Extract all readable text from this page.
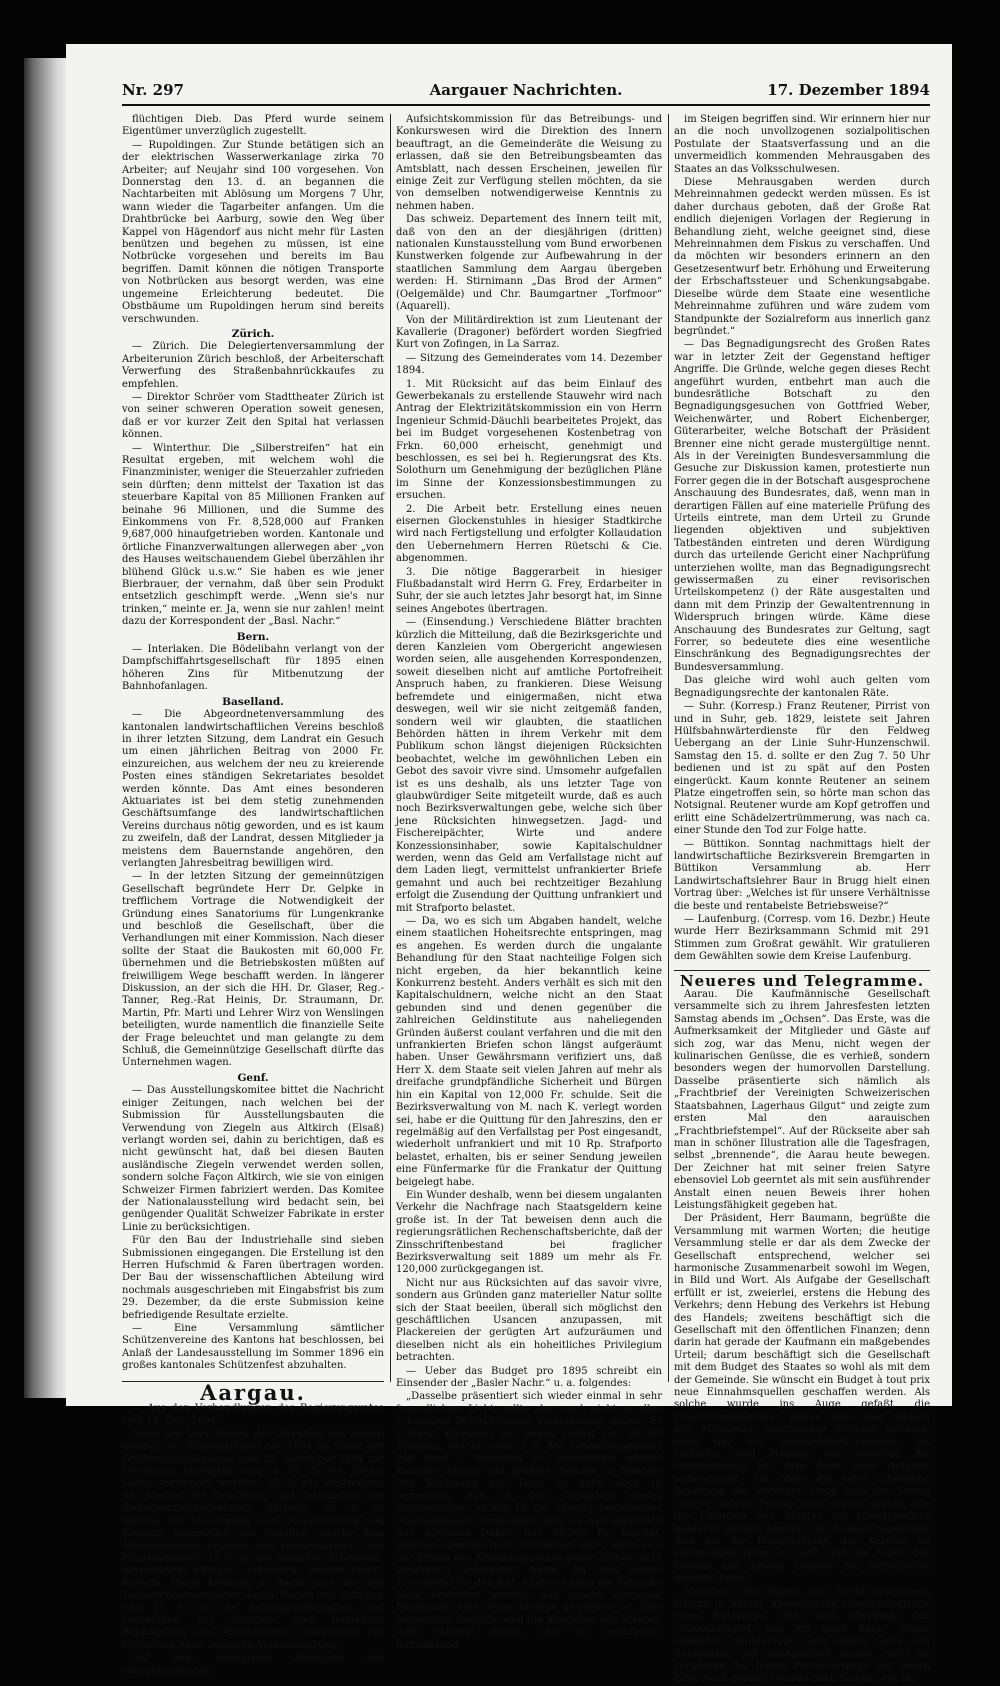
Nr. 297	Aargauer Nachrichten.	17. Dezember 1894

flüchtigen Dieb. Das Pferd wurde seinem Eigentümer unverzüglich zugestellt.

— Rupoldingen. Zur Stunde betätigen sich an der elektrischen Wasserwerkanlage zirka 70 Arbeiter; auf Neujahr sind 100 vorgesehen. Von Donnerstag den 13. d. an begannen die Nachtarbeiten mit Ablösung um Morgens 7 Uhr, wann wieder die Tagarbeiter anfangen. Um die Drahtbrücke bei Aarburg, sowie den Weg über Kappel von Hägendorf aus nicht mehr für Lasten benützen und begehen zu müssen, ist eine Notbrücke vorgesehen und bereits im Bau begriffen. Damit können die nötigen Transporte von Notbrücken aus besorgt werden, was eine ungemeine Erleichterung bedeutet. Die Obstbäume um Rupoldingen herum sind bereits verschwunden.

Zürich.

— Zürich. Die Delegiertenversammlung der Arbeiterunion Zürich beschloß, der Arbeiterschaft Verwerfung des Straßenbahnrückkaufes zu empfehlen.

— Direktor Schröer vom Stadttheater Zürich ist von seiner schweren Operation soweit genesen, daß er vor kurzer Zeit den Spital hat verlassen können.

— Winterthur. Die „Silberstreifen“ hat ein Resultat ergeben, mit welchem wohl die Finanzminister, weniger die Steuerzahler zufrieden sein dürften; denn mittelst der Taxation ist das steuerbare Kapital von 85 Millionen Franken auf beinahe 96 Millionen, und die Summe des Einkommens von Fr. 8,528,000 auf Franken 9,687,000 hinaufgetrieben worden. Kantonale und örtliche Finanzverwaltungen allerwegen aber „von des Hauses weitschauendem Giebel überzählen ihr blühend Glück u.s.w.“ Sie haben es wie jener Bierbrauer, der vernahm, daß über sein Produkt entsetzlich geschimpft werde. „Wenn sie's nur trinken,“ meinte er. Ja, wenn sie nur zahlen! meint dazu der Korrespondent der „Basl. Nachr.“

Bern.

— Interlaken. Die Bödelibahn verlangt von der Dampfschiffahrtsgesellschaft für 1895 einen höheren Zins für Mitbenutzung der Bahnhofanlagen.

Baselland.

— Die Abgeordnetenversammlung des kantonalen landwirtschaftlichen Vereins beschloß in ihrer letzten Sitzung, dem Landrat ein Gesuch um einen jährlichen Beitrag von 2000 Fr. einzureichen, aus welchem der neu zu kreierende Posten eines ständigen Sekretariates besoldet werden könnte. Das Amt eines besonderen Aktuariates ist bei dem stetig zunehmenden Geschäftsumfange des landwirtschaftlichen Vereins durchaus nötig geworden, und es ist kaum zu zweifeln, daß der Landrat, dessen Mitglieder ja meistens dem Bauernstande angehören, den verlangten Jahresbeitrag bewilligen wird.

— In der letzten Sitzung der gemeinnützigen Gesellschaft begründete Herr Dr. Gelpke in trefflichem Vortrage die Notwendigkeit der Gründung eines Sanatoriums für Lungenkranke und beschloß die Gesellschaft, über die Verhandlungen mit einer Kommission. Nach dieser sollte der Staat die Baukosten mit 60,000 Fr. übernehmen und die Betriebskosten müßten auf freiwilligem Wege beschafft werden. In längerer Diskussion, an der sich die HH. Dr. Glaser, Reg.-Tanner, Reg.-Rat Heinis, Dr. Straumann, Dr. Martin, Pfr. Marti und Lehrer Wirz von Wenslingen beteiligten, wurde namentlich die finanzielle Seite der Frage beleuchtet und man gelangte zu dem Schluß, die Gemeinnützige Gesellschaft dürfte das Unternehmen wagen.

Genf.

— Das Ausstellungskomitee bittet die Nachricht einiger Zeitungen, nach welchen bei der Submission für Ausstellungsbauten die Verwendung von Ziegeln aus Altkirch (Elsaß) verlangt worden sei, dahin zu berichtigen, daß es nicht gewünscht hat, daß bei diesen Bauten ausländische Ziegeln verwendet werden sollen, sondern solche Façon Altkirch, wie sie von einigen Schweizer Firmen fabriziert werden. Das Komitee der Nationalausstellung wird bedacht sein, bei genügender Qualität Schweizer Fabrikate in erster Linie zu berücksichtigen.

Für den Bau der Industriehalle sind sieben Submissionen eingegangen. Die Erstellung ist den Herren Hufschmid & Faren übertragen worden. Der Bau der wissenschaftlichen Abteilung wird nochmals ausgeschrieben mit Eingabsfrist bis zum 29. Dezember, da die erste Submission keine befriedigende Resultate erzielte.

— Eine Versammlung sämtlicher Schützenvereine des Kantons hat beschlossen, bei Anlaß der Landesausstellung im Sommer 1896 ein großes kantonales Schützenfest abzuhalten.

Aargau.

— Aus den Verhandlungen des Regierungsrates vom 14. Dez. 1894.

Nach den Vorschlägen der Direktion des Innern gelangt der Alkoholzehntel pro 1894 im Sinne der Großratsschlußnahme vom 23. November 1891 zur Verteilung. Verfügbar sind ca. Fr. 25,000. Davon sollen verwendet werden: 50 % zur Bestreitung der Kosten der Errichtung und Installation der Zwangserziehungsanstalt Aarburg; 20 % an Vereine zur Versorgung und Unterstützung von Kindern, namentlich aus Familien, welche dem Alkoholgenusse ergeben sind (Bezirksarmen- und Frauenvereine); 15 % an die Anstalten Biberstein, Bremgarten, Effingen, Friedberg, Hermetschwyl, Kasteln, Maria Krönung in Baden und die drei Taubstummenanstalten Aarau, Baden und Zofingen und 15 % an die Kulturgesellschaften und Gemeinden zur direkten oder indirekten Bekämpfung des Alkoholismus, namentlich zur Förderung einer besseren Volksernährung.

Auf eine bezügliche Anregung der obergerichtlichen

Aufsichtskommission für das Betreibungs- und Konkurswesen wird die Direktion des Innern beauftragt, an die Gemeinderäte die Weisung zu erlassen, daß sie den Betreibungsbeamten das Amtsblatt, nach dessen Erscheinen, jeweilen für einige Zeit zur Verfügung stellen möchten, da sie von demselben notwendigerweise Kenntnis zu nehmen haben.

Das schweiz. Departement des Innern teilt mit, daß von den an der diesjährigen (dritten) nationalen Kunstausstellung vom Bund erworbenen Kunstwerken folgende zur Aufbewahrung in der staatlichen Sammlung dem Aargau übergeben werden: H. Stirnimann „Das Brod der Armen“ (Oelgemälde) und Chr. Baumgartner „Torfmoor“ (Aquarell).

Von der Militärdirektion ist zum Lieutenant der Kavallerie (Dragoner) befördert worden Siegfried Kurt von Zofingen, in La Sarraz.

— Sitzung des Gemeinderates vom 14. Dezember 1894.

1. Mit Rücksicht auf das beim Einlauf des Gewerbekanals zu erstellende Stauwehr wird nach Antrag der Elektrizitätskommission ein von Herrn Ingenieur Schmid-Däuchli bearbeitetes Projekt, das bei im Budget vorgesehenen Kostenbetrag von Frkn. 60,000 erheischt, genehmigt und beschlossen, es sei bei h. Regierungsrat des Kts. Solothurn um Genehmigung der bezüglichen Pläne im Sinne der Konzessionsbestimmungen zu ersuchen.

2. Die Arbeit betr. Erstellung eines neuen eisernen Glockenstuhles in hiesiger Stadtkirche wird nach Fertigstellung und erfolgter Kollaudation den Uebernehmern Herren Rüetschi & Cie. abgenommen.

3. Die nötige Baggerarbeit in hiesiger Flußbadanstalt wird Herrn G. Frey, Erdarbeiter in Suhr, der sie auch letztes Jahr besorgt hat, im Sinne seines Angebotes übertragen.

— (Einsendung.) Verschiedene Blätter brachten kürzlich die Mitteilung, daß die Bezirksgerichte und deren Kanzleien vom Obergericht angewiesen worden seien, alle ausgehenden Korrespondenzen, soweit dieselben nicht auf amtliche Portofreiheit Anspruch haben, zu frankieren. Diese Weisung befremdete und einigermaßen, nicht etwa deswegen, weil wir sie nicht zeitgemäß fanden, sondern weil wir glaubten, die staatlichen Behörden hätten in ihrem Verkehr mit dem Publikum schon längst diejenigen Rücksichten beobachtet, welche im gewöhnlichen Leben ein Gebot des savoir vivre sind. Umsomehr aufgefallen ist es uns deshalb, als uns letzter Tage von glaubwürdiger Seite mitgeteilt wurde, daß es auch noch Bezirksverwaltungen gebe, welche sich über jene Rücksichten hinwegsetzen. Jagd- und Fischereipächter, Wirte und andere Konzessionsinhaber, sowie Kapitalschuldner werden, wenn das Geld am Verfallstage nicht auf dem Laden liegt, vermittelst unfrankierter Briefe gemahnt und auch bei rechtzeitiger Bezahlung erfolgt die Zusendung der Quittung unfrankiert und mit Strafporto belastet.

— Da, wo es sich um Abgaben handelt, welche einem staatlichen Hoheitsrechte entspringen, mag es angehen. Es werden durch die ungalante Behandlung für den Staat nachteilige Folgen sich nicht ergeben, da hier bekanntlich keine Konkurrenz besteht. Anders verhält es sich mit den Kapitalschuldnern, welche nicht an den Staat gebunden sind und denen gegenüber die zahlreichen Geldinstitute aus naheliegenden Gründen äußerst coulant verfahren und die mit den unfrankierten Briefen schon längst aufgeräumt haben. Unser Gewährsmann verifiziert uns, daß Herr X. dem Staate seit vielen Jahren auf mehr als dreifache grundpfändliche Sicherheit und Bürgen hin ein Kapital von 12,000 Fr. schulde. Seit die Bezirksverwaltung von M. nach K. verlegt worden sei, habe er die Quittung für den Jahreszins, den er regelmäßig auf den Verfallstag per Post eingesandt, wiederholt unfrankiert und mit 10 Rp. Strafporto belastet, erhalten, bis er seiner Sendung jeweilen eine Fünfermarke für die Frankatur der Quittung beigelegt habe.

Ein Wunder deshalb, wenn bei diesem ungalanten Verkehr die Nachfrage nach Staatsgeldern keine große ist. In der Tat beweisen denn auch die regierungsrätlichen Rechenschaftsberichte, daß der Zinsschriftenbestand bei fraglicher Bezirksverwaltung seit 1889 um mehr als Fr. 120,000 zurückgegangen ist.

Nicht nur aus Rücksichten auf das savoir vivre, sondern aus Gründen ganz materieller Natur sollte sich der Staat beeilen, überall sich möglichst den geschäftlichen Usancen anzupassen, mit Plackereien der gerügten Art aufzuräumen und dieselben nicht als ein hoheitliches Privilegium betrachten.

— Ueber das Budget pro 1895 schreibt ein Einsender der „Basler Nachr.“ u. a. folgendes:

„Dasselbe präsentiert sich wieder einmal in sehr freundlichem Licht, sollte aber auch nicht zu allzu schwarzen Befürchtungen Veranlassung geben. Es schließt allerdings mit einem Defizit von 90,000 Franken, welche etwa 3 % des Gesamtausgabens von rund 3 Millionen Fr. ausmachen; andere Kantone weisen viel größere Defizite in Budgets und Rechnung auf. Dazu ist dann noch zu bemerken, daß in den Ausgaben dieses Voranschlages 50,000 Fr. für Tilgung bestehender Staatsanleihen vorgesehen sind, so daß eigentlich das wirkliche Defizit nur 40,000 Fr. beträgt, welches ebenfalls nicht vorhanden wäre, wenn sich der Ertrag des Alkoholmonopols gegen früher nicht wesentlich vermindert hätte. Da sind einige Trostmittel für den Rat. Allein es kann die Tatsache nicht bestritten werden, daß unsere kantonale Finanzlage eine etwas knappe geworden ist. Dies namentlich deshalb, weil die Ausgaben des Staates, weit entfernt davon, sich zu reduzieren, fortwährend

im Steigen begriffen sind. Wir erinnern hier nur an die noch unvollzogenen sozialpolitischen Postulate der Staatsverfassung und an die unvermeidlich kommenden Mehrausgaben des Staates an das Volksschulwesen.

Diese Mehrausgaben werden durch Mehreinnahmen gedeckt werden müssen. Es ist daher durchaus geboten, daß der Große Rat endlich diejenigen Vorlagen der Regierung in Behandlung zieht, welche geeignet sind, diese Mehreinnahmen dem Fiskus zu verschaffen. Und da möchten wir besonders erinnern an den Gesetzesentwurf betr. Erhöhung und Erweiterung der Erbschaftssteuer und Schenkungsabgabe. Dieselbe würde dem Staate eine wesentliche Mehreinnahme zuführen und wäre zudem vom Standpunkte der Sozialreform aus innerlich ganz begründet.“

— Das Begnadigungsrecht des Großen Rates war in letzter Zeit der Gegenstand heftiger Angriffe. Die Gründe, welche gegen dieses Recht angeführt wurden, entbehrt man auch die bundesrätliche Botschaft zu den Begnadigungsgesuchen von Gottfried Weber, Weichenwärter, und Robert Eichenberger, Güterarbeiter, welche Botschaft der Präsident Brenner eine nicht gerade mustergültige nennt. Als in der Vereinigten Bundesversammlung die Gesuche zur Diskussion kamen, protestierte nun Forrer gegen die in der Botschaft ausgesprochene Anschauung des Bundesrates, daß, wenn man in derartigen Fällen auf eine materielle Prüfung des Urteils eintrete, man dem Urteil zu Grunde liegenden objektiven und subjektiven Tatbeständen eintreten und deren Würdigung durch das urteilende Gericht einer Nachprüfung unterziehen wollte, man das Begnadigungsrecht gewissermaßen zu einer revisorischen Urteilskompetenz () der Räte ausgestalten und dann mit dem Prinzip der Gewaltentrennung in Widerspruch bringen würde. Käme diese Anschauung des Bundesrates zur Geltung, sagt Forrer, so bedeutete dies eine wesentliche Einschränkung des Begnadigungsrechtes der Bundesversammlung.

Das gleiche wird wohl auch gelten vom Begnadigungsrechte der kantonalen Räte.

— Suhr. (Korresp.) Franz Reutener, Pirrist von und in Suhr, geb. 1829, leistete seit Jahren Hülfsbahnwärterdienste für den Feldweg Uebergang an der Linie Suhr-Hunzenschwil. Samstag den 15. d. sollte er den Zug 7. 50 Uhr bedienen und ist zu spät auf den Posten eingerückt. Kaum konnte Reutener an seinem Platze eingetroffen sein, so hörte man schon das Notsignal. Reutener wurde am Kopf getroffen und erlitt eine Schädelzertrümmerung, was nach ca. einer Stunde den Tod zur Folge hatte.

— Büttikon. Sonntag nachmittags hielt der landwirtschaftliche Bezirksverein Bremgarten in Büttikon Versammlung ab. Herr Landwirtschaftslehrer Baur in Brugg hielt einen Vortrag über: „Welches ist für unsere Verhältnisse die beste und rentabelste Betriebsweise?“

— Laufenburg. (Corresp. vom 16. Dezbr.) Heute wurde Herr Bezirksammann Schmid mit 291 Stimmen zum Großrat gewählt. Wir gratulieren dem Gewählten sowie dem Kreise Laufenburg.

Neueres und Telegramme.

Aarau. Die Kaufmännische Gesellschaft versammelte sich zu ihrem Jahresfesten letzten Samstag abends im „Ochsen“. Das Erste, was die Aufmerksamkeit der Mitglieder und Gäste auf sich zog, war das Menu, nicht wegen der kulinarischen Genüsse, die es verhieß, sondern besonders wegen der humorvollen Darstellung. Dasselbe präsentierte sich nämlich als „Frachtbrief der Vereinigten Schweizerischen Staatsbahnen, Lagerhaus Gilgut“ und zeigte zum ersten Mal den aarauischen „Frachtbriefstempel“. Auf der Rückseite aber sah man in schöner Illustration alle die Tagesfragen, selbst „brennende“, die Aarau heute bewegen. Der Zeichner hat mit seiner freien Satyre ebensoviel Lob geerntet als mit sein ausführender Anstalt einen neuen Beweis ihrer hohen Leistungsfähigkeit gegeben hat.

Der Präsident, Herr Baumann, begrüßte die Versammlung mit warmen Worten; die heutige Versammlung stelle er dar als dem Zwecke der Gesellschaft entsprechend, welcher sei harmonische Zusammenarbeit sowohl im Wegen, in Bild und Wort. Als Aufgabe der Gesellschaft erfüllt er ist, zweierlei, erstens die Hebung des Verkehrs; denn Hebung des Verkehrs ist Hebung des Handels; zweitens beschäftigt sich die Gesellschaft mit den öffentlichen Finanzen; denn darin hat gerade der Kaufmann ein maßgebendes Urteil; darum beschäftigt sich die Gesellschaft mit dem Budget des Staates so wohl als mit dem der Gemeinde. Sie wünscht ein Budget à tout prix neue Einnahmsquellen geschaffen werden. Als solche wurde ins Auge gefaßt die Frachtstempelsteuer; gegen diese aber müssen alle Mitglieder gleichmäßig Stellung nehmen, nicht nur aus Solidaritätsrücksichten, als vielmehr, weil Hebung des Verkehrs die Vereinsprinzip ist, dem diese neue Aufgabe widerspricht. Sie hätte die sehr schädliche Belastung des Verkehrs. Doch muß der Verein seinem andern Prinzip nach darauf sinnen, wie die Finanzen des Staates ins Gleichgewicht gebracht werden können; der Redner bezeichnet dies als die Hauptaufgabe des Vereins im kommenden Jahre; er hofft, daß die Arbeit des Vereins auf diesem Gebiete ein erfreuliches Resultat habe.

Nachdem den Magen sein Recht geschehen, folgten in bunter Abwechslung Gesangsvorträge eines Elitekorps, dem man allerdings das „Unvorbereitet, wie ich mich habe“ etwas anmerkte, wundervolle Solis einem Gaste, ein Sologesang gut nachgeeifert wurde, nicht zu vergessen der feinen Pistonvorträge des Herrn Erni. Auch gereicht wurde noch tüchtig; ein bis
